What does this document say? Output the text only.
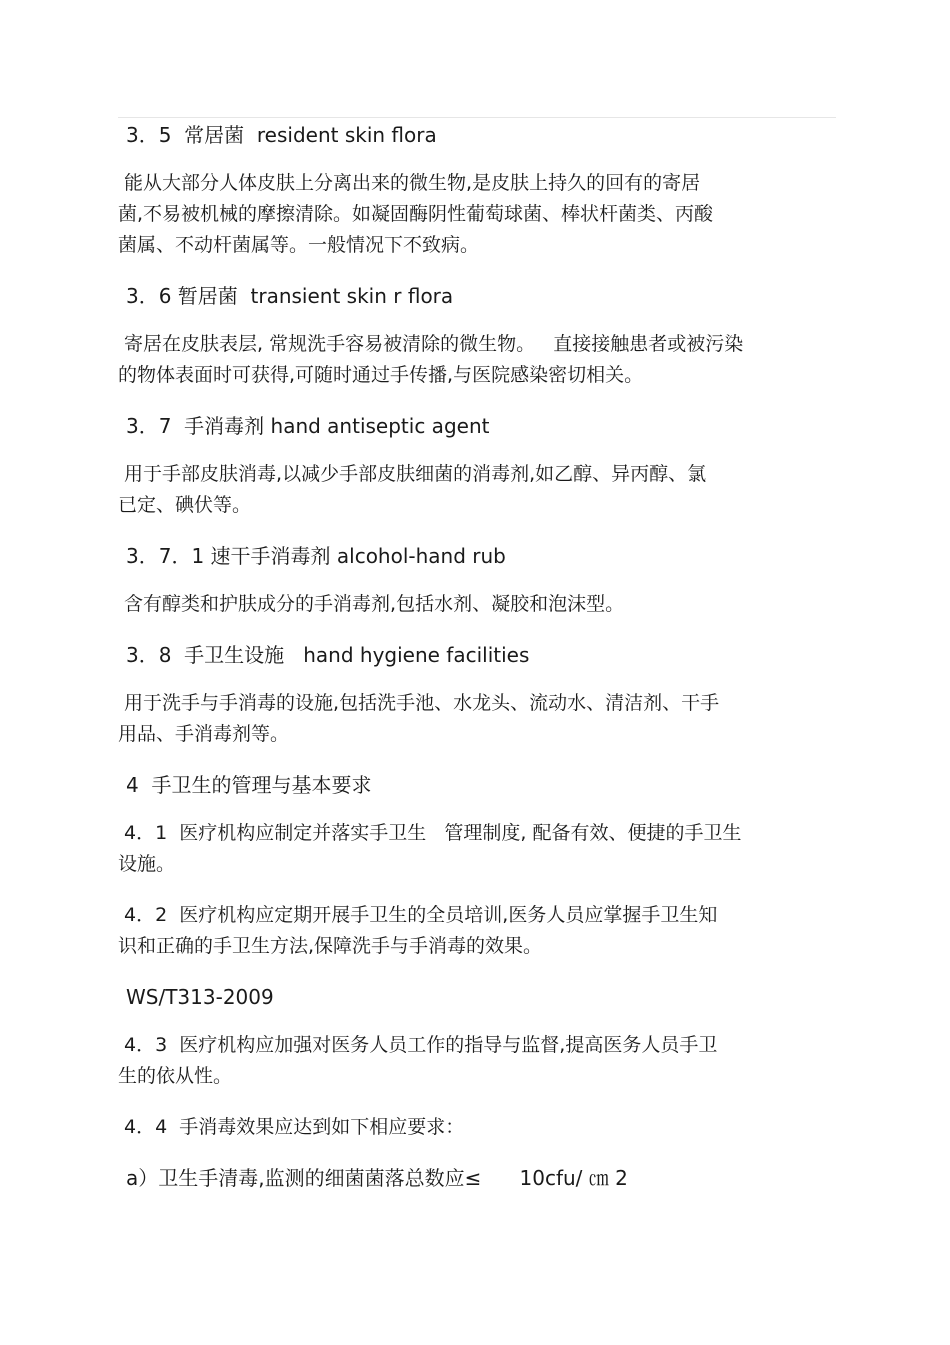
3．5  常居菌  resident skin flora

能从大部分人体皮肤上分离出来的微生物,是皮肤上持久的回有的寄居

菌,不易被机械的摩擦清除。如凝固酶阴性葡萄球菌、棒状杆菌类、丙酸

菌属、不动杆菌属等。一般情况下不致病。

3．6 暂居菌  transient skin r flora

寄居在皮肤表层, 常规洗手容易被清除的微生物。   直接接触患者或被污染

的物体表面时可获得,可随时通过手传播,与医院感染密切相关。

3．7  手消毒剂 hand antiseptic agent

用于手部皮肤消毒,以减少手部皮肤细菌的消毒剂,如乙醇、异丙醇、氯

已定、碘伏等。

3．7．1 速干手消毒剂 alcohol-hand rub

含有醇类和护肤成分的手消毒剂,包括水剂、凝胶和泡沫型。

3．8  手卫生设施   hand hygiene facilities

用于洗手与手消毒的设施,包括洗手池、水龙头、流动水、清洁剂、干手

用品、手消毒剂等。

4  手卫生的管理与基本要求

4．1  医疗机构应制定并落实手卫生   管理制度, 配备有效、便捷的手卫生

设施。

4．2  医疗机构应定期开展手卫生的全员培训,医务人员应掌握手卫生知

识和正确的手卫生方法,保障洗手与手消毒的效果。

WS/T313-2009

4．3  医疗机构应加强对医务人员工作的指导与监督,提高医务人员手卫

生的依从性。

4．4  手消毒效果应达到如下相应要求：

a）卫生手清毒,监测的细菌菌落总数应≤      10cfu/ ㎝ 2
